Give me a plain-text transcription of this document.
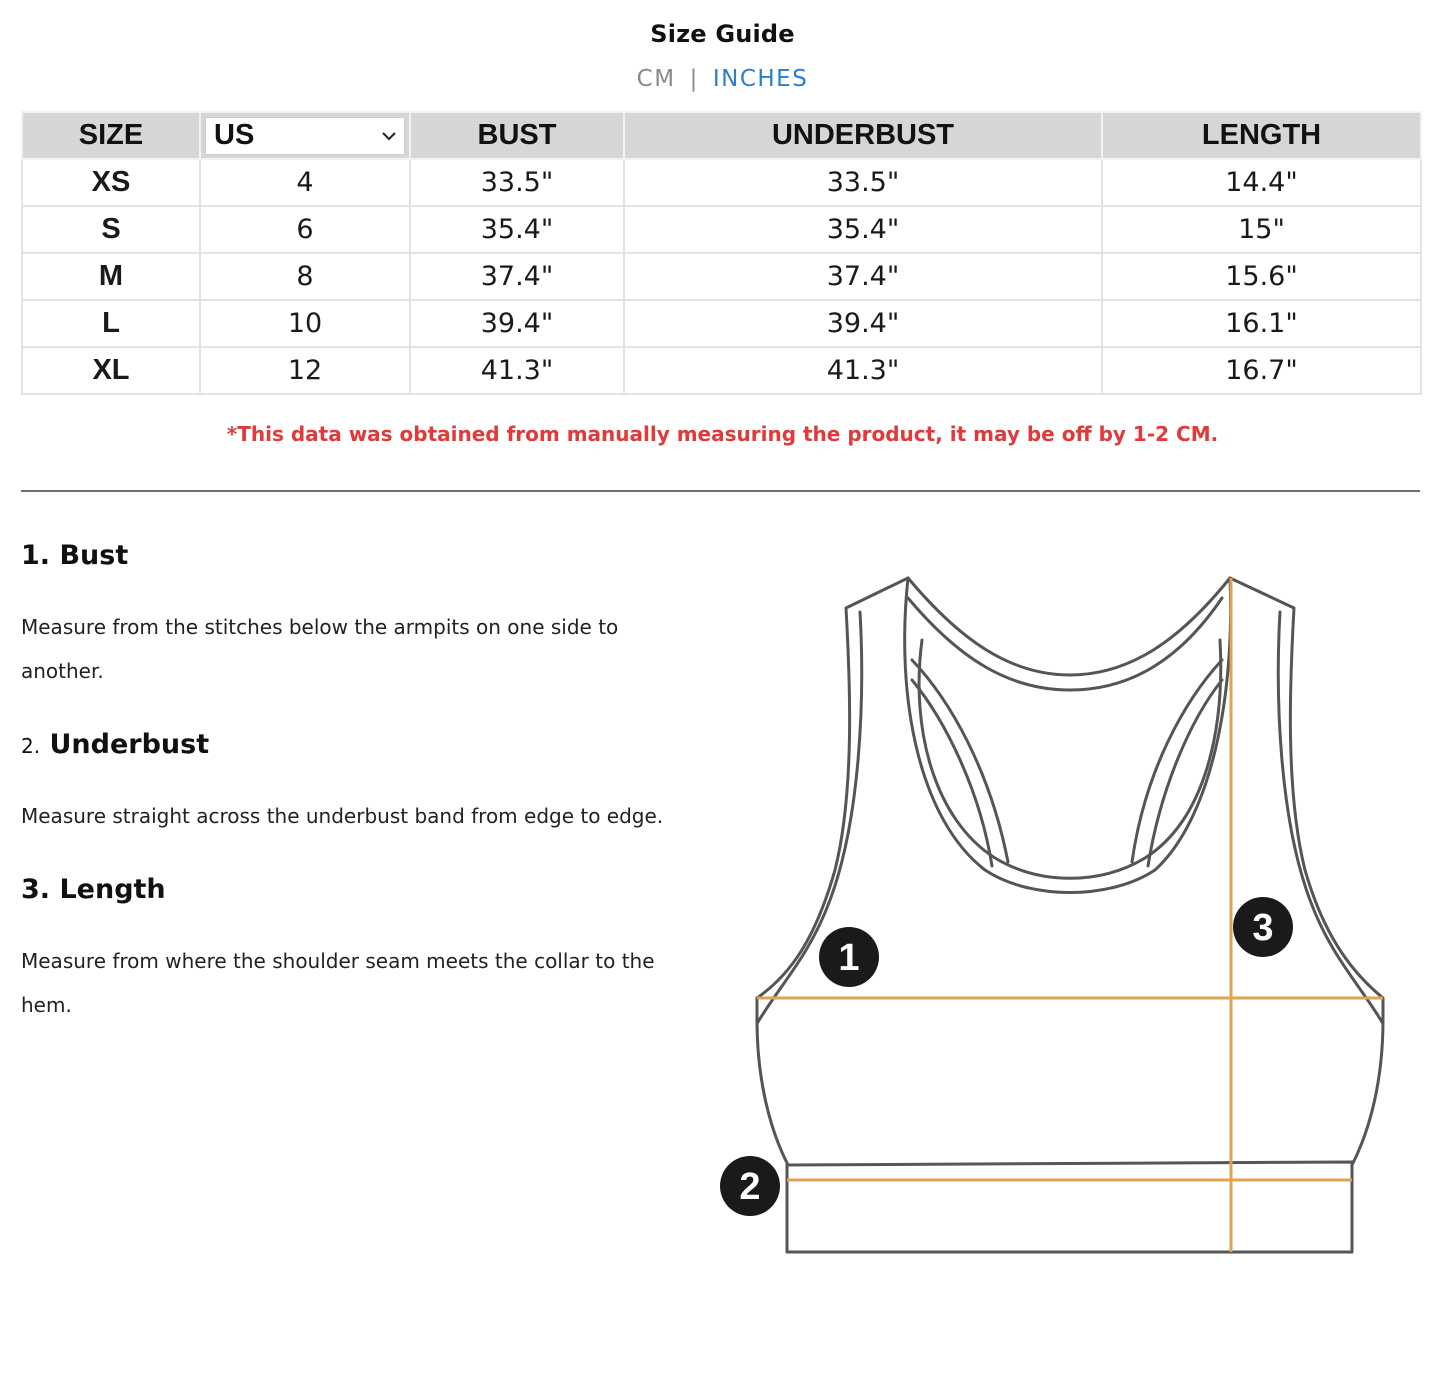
Size Guide
CM | INCHES
SIZE	US	BUST	UNDERBUST	LENGTH
XS	4	33.5"	33.5"	14.4"
S	6	35.4"	35.4"	15"
M	8	37.4"	37.4"	15.6"
L	10	39.4"	39.4"	16.1"
XL	12	41.3"	41.3"	16.7"
*This data was obtained from manually measuring the product, it may be off by 1-2 CM.
1. Bust

Measure from the stitches below the armpits on one side to another.

2. Underbust

Measure straight across the underbust band from edge to edge.

3. Length

Measure from where the shoulder seam meets the collar to the hem.

1
2
3
